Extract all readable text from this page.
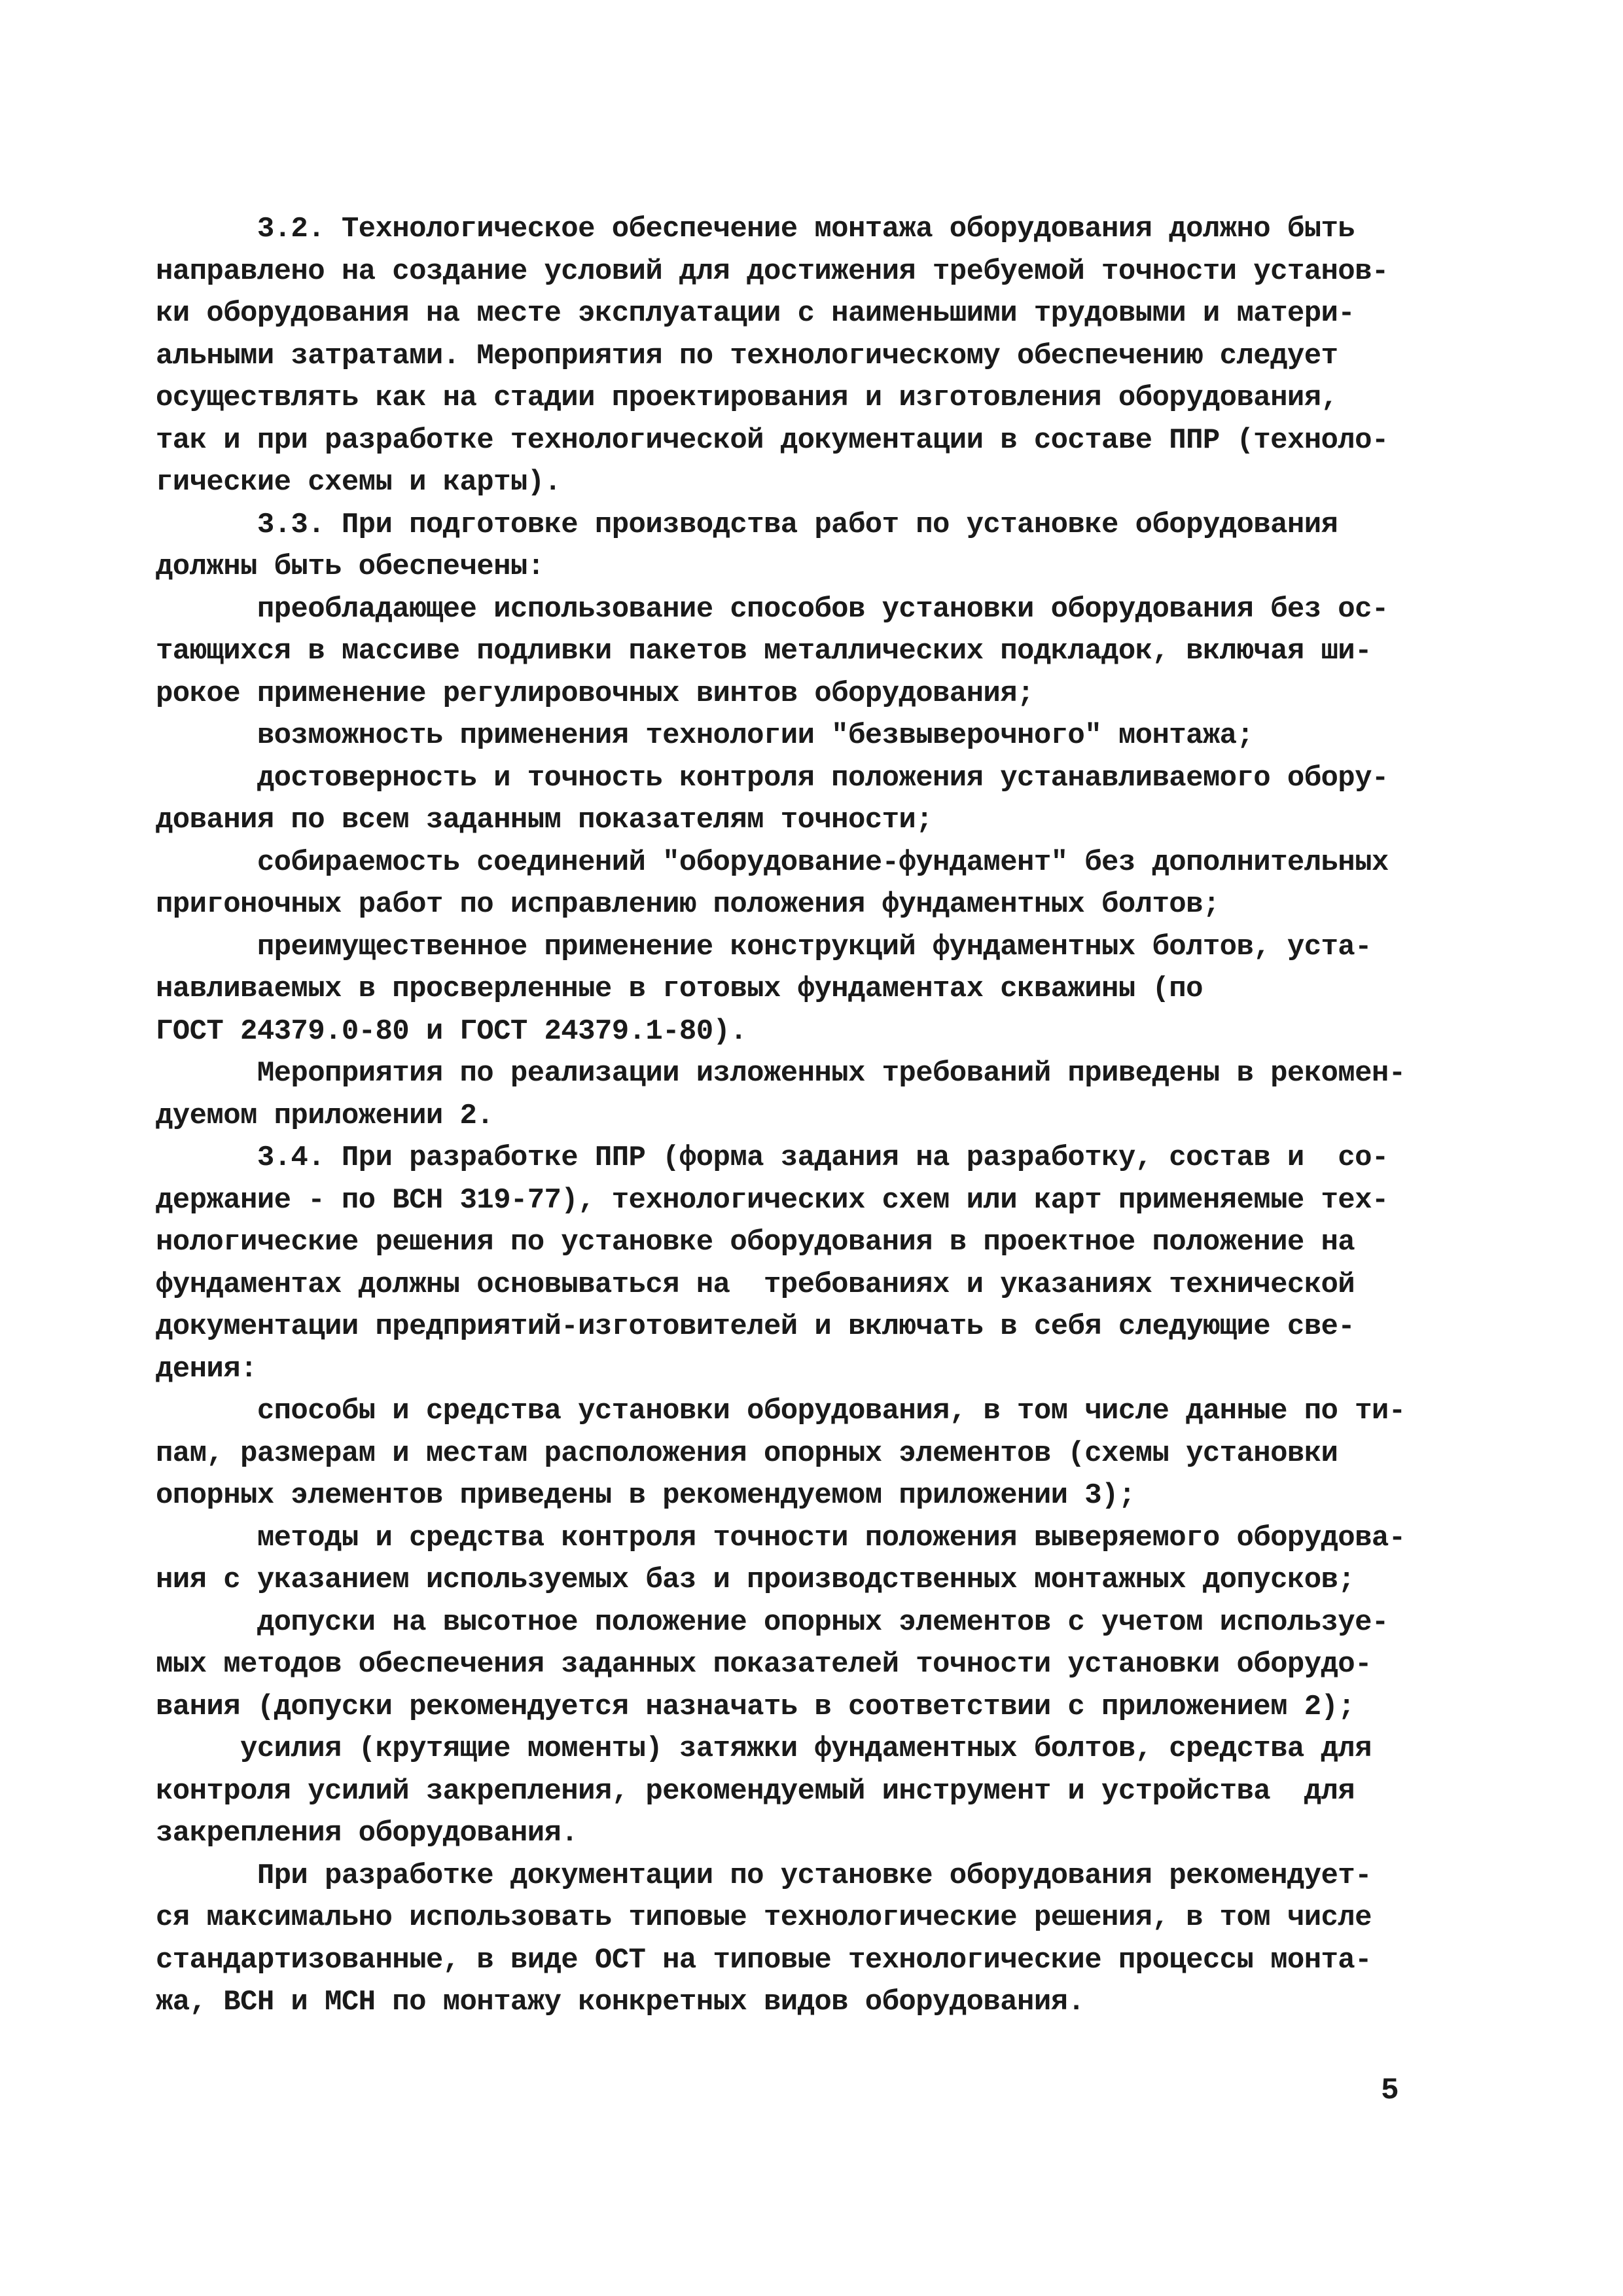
3.2. Технологическое обеспечение монтажа оборудования должно быть
направлено на создание условий для достижения требуемой точности установ-
ки оборудования на месте эксплуатации с наименьшими трудовыми и матери-
альными затратами. Мероприятия по технологическому обеспечению следует
осуществлять как на стадии проектирования и изготовления оборудования,
так и при разработке технологической документации в составе ППР (техноло-
гические схемы и карты).
3.3. При подготовке производства работ по установке оборудования
должны быть обеспечены:
преобладающее использование способов установки оборудования без ос-
тающихся в массиве подливки пакетов металлических подкладок, включая ши-
рокое применение регулировочных винтов оборудования;
возможность применения технологии "безвыверочного" монтажа;
достоверность и точность контроля положения устанавливаемого обору-
дования по всем заданным показателям точности;
собираемость соединений "оборудование-фундамент" без дополнительных
пригоночных работ по исправлению положения фундаментных болтов;
преимущественное применение конструкций фундаментных болтов, уста-
навливаемых в просверленные в готовых фундаментах скважины (по
ГОСТ 24379.0-80 и ГОСТ 24379.1-80).
Мероприятия по реализации изложенных требований приведены в рекомен-
дуемом приложении 2.
3.4. При разработке ППР (форма задания на разработку, состав и  со-
держание - по ВСН 319-77), технологических схем или карт применяемые тех-
нологические решения по установке оборудования в проектное положение на
фундаментах должны основываться на  требованиях и указаниях технической
документации предприятий-изготовителей и включать в себя следующие све-
дения:
способы и средства установки оборудования, в том числе данные по ти-
пам, размерам и местам расположения опорных элементов (схемы установки
опорных элементов приведены в рекомендуемом приложении 3);
методы и средства контроля точности положения выверяемого оборудова-
ния с указанием используемых баз и производственных монтажных допусков;
допуски на высотное положение опорных элементов с учетом используе-
мых методов обеспечения заданных показателей точности установки оборудо-
вания (допуски рекомендуется назначать в соответствии с приложением 2);
усилия (крутящие моменты) затяжки фундаментных болтов, средства для
контроля усилий закрепления, рекомендуемый инструмент и устройства  для
закрепления оборудования.
При разработке документации по установке оборудования рекомендует-
ся максимально использовать типовые технологические решения, в том числе
стандартизованные, в виде ОСТ на типовые технологические процессы монта-
жа, ВСН и МСН по монтажу конкретных видов оборудования.
5
